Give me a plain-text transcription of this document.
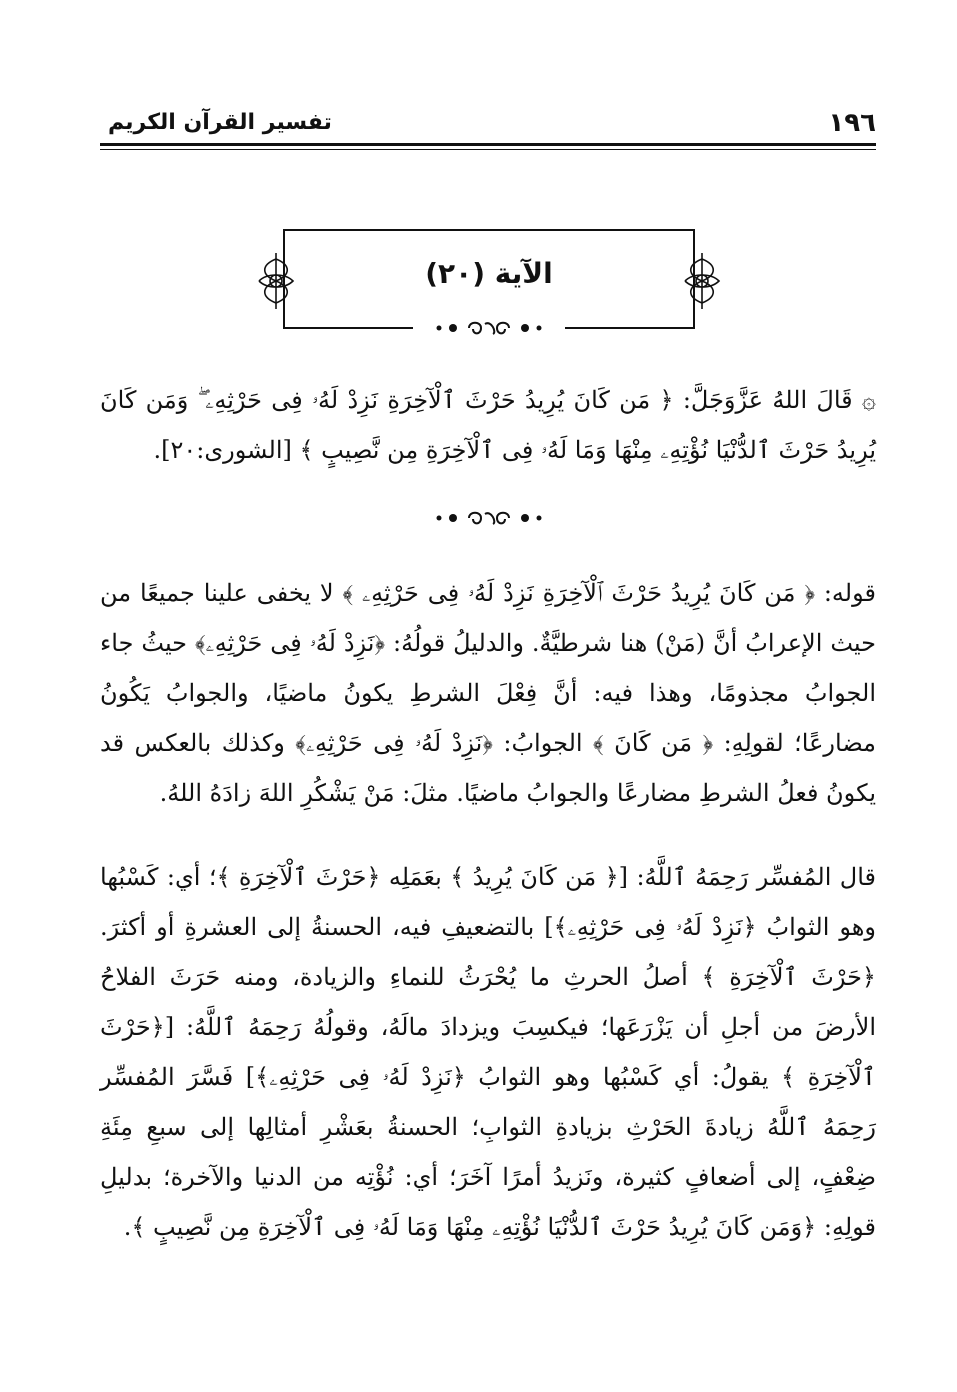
١٩٦
تفسير القرآن الكريم
الآية (٢٠)

۞ قَالَ اللهُ عَزَّوَجَلَّ: ﴿ مَن كَانَ يُرِيدُ حَرْثَ ٱلْآخِرَةِ نَزِدْ لَهُۥ فِى حَرْثِهِۦ ۖ وَمَن كَانَ يُرِيدُ حَرْثَ ٱلدُّنْيَا نُؤْتِهِۦ مِنْهَا وَمَا لَهُۥ فِى ٱلْآخِرَةِ مِن نَّصِيبٍ ﴾ [الشورى:٢٠].

قوله: ﴿ مَن كَانَ يُرِيدُ حَرْثَ ٱلْآخِرَةِ نَزِدْ لَهُۥ فِى حَرْثِهِۦ ﴾ لا يخفى علينا جميعًا من حيث الإعرابُ أنَّ (مَنْ) هنا شرطيَّةٌ. والدليلُ قولُهُ: ﴿نَزِدْ لَهُۥ فِى حَرْثِهِۦ﴾ حيثُ جاء الجوابُ مجذومًا، وهذا فيه: أنَّ فِعْلَ الشرطِ يكونُ ماضيًا، والجوابُ يَكُونُ مضارعًا؛ لقولِهِ: ﴿ مَن كَانَ ﴾ الجوابُ: ﴿نَزِدْ لَهُۥ فِى حَرْثِهِۦ﴾ وكذلك بالعكس قد يكونُ فعلُ الشرطِ مضارعًا والجوابُ ماضيًا. مثلَ: مَنْ يَشْكُرِ اللهَ زادَهُ اللهُ.

قال المُفسِّر رَحِمَهُ ٱللَّهُ: [﴿ مَن كَانَ يُرِيدُ ﴾ بعَمَلِه ﴿حَرْثَ ٱلْآخِرَةِ ﴾؛ أي: كَسْبُها وهو الثوابُ ﴿نَزِدْ لَهُۥ فِى حَرْثِهِۦ﴾] بالتضعيفِ فيه، الحسنةُ إلى العشرةِ أو أكثرَ. ﴿حَرْثَ ٱلْآخِرَةِ ﴾ أصلُ الحرثِ ما يُحْرَثُ للنماءِ والزيادة، ومنه حَرَثَ الفلاحُ الأرضَ من أجلِ أن يَزْرَعَها؛ فيكسِبَ ويزدادَ مالَهُ، وقولُهُ رَحِمَهُ ٱللَّهُ: [﴿حَرْثَ ٱلْآخِرَةِ ﴾ يقولُ: أي كَسْبُها وهو الثوابُ ﴿نَزِدْ لَهُۥ فِى حَرْثِهِۦ﴾] فَسَّرَ المُفسِّر رَحِمَهُ ٱللَّهُ زيادةَ الحَرْثِ بزيادةِ الثوابِ؛ الحسنةُ بعَشْرِ أمثالِها إلى سبعِ مِئَةِ ضِعْفٍ، إلى أضعافٍ كثيرة، ونَزيدُ أمرًا آخَرَ؛ أي: نُؤْتِه من الدنيا والآخرة؛ بدليلِ قولِهِ: ﴿وَمَن كَانَ يُرِيدُ حَرْثَ ٱلدُّنْيَا نُؤْتِهِۦ مِنْهَا وَمَا لَهُۥ فِى ٱلْآخِرَةِ مِن نَّصِيبٍ ﴾.
